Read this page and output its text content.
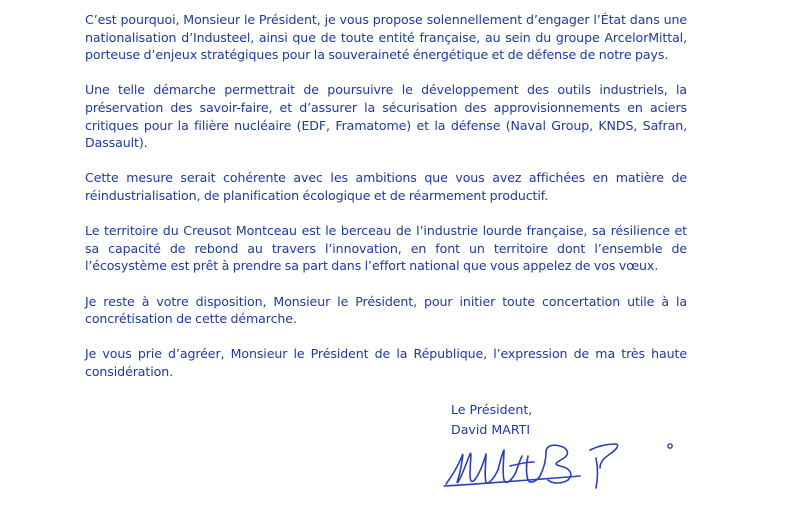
C’est pourquoi, Monsieur le Président, je vous propose solennellement d’engager l’État dans une nationalisation d’Industeel, ainsi que de toute entité française, au sein du groupe ArcelorMittal, porteuse d’enjeux stratégiques pour la souveraineté énergétique et de défense de notre pays.

Une telle démarche permettrait de poursuivre le développement des outils industriels, la préservation des savoir-faire, et d’assurer la sécurisation des approvisionnements en aciers critiques pour la filière nucléaire (EDF, Framatome) et la défense (Naval Group, KNDS, Safran, Dassault).

Cette mesure serait cohérente avec les ambitions que vous avez affichées en matière de réindustrialisation, de planification écologique et de réarmement productif.

Le territoire du Creusot Montceau est le berceau de l’industrie lourde française, sa résilience et sa capacité de rebond au travers l’innovation, en font un territoire dont l’ensemble de l’écosystème est prêt à prendre sa part dans l’effort national que vous appelez de vos vœux.

Je reste à votre disposition, Monsieur le Président, pour initier toute concertation utile à la concrétisation de cette démarche.

Je vous prie d’agréer, Monsieur le Président de la République, l’expression de ma très haute considération.

Le Président,
David MARTI
